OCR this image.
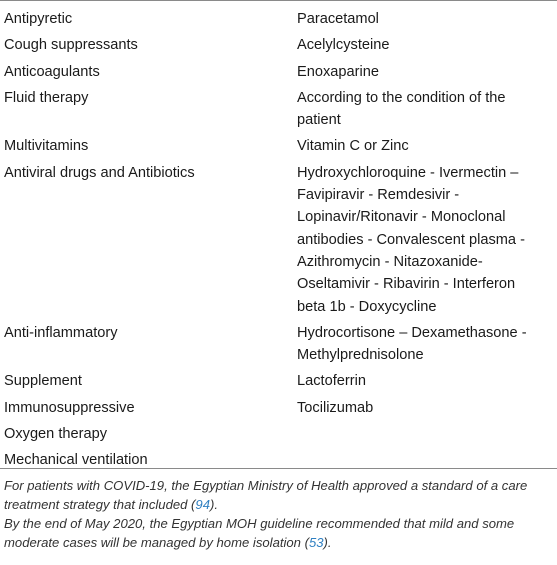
Antipyretic	Paracetamol
Cough suppressants	Acelylcysteine
Anticoagulants	Enoxaparine
Fluid therapy	According to the condition of the
patient
Multivitamins	Vitamin C or Zinc
Antiviral drugs and Antibiotics	Hydroxychloroquine - Ivermectin –
Favipiravir - Remdesivir -
Lopinavir/Ritonavir - Monoclonal
antibodies - Convalescent plasma -
Azithromycin - Nitazoxanide-
Oseltamivir - Ribavirin - Interferon
beta 1b - Doxycycline
Anti-inflammatory	Hydrocortisone – Dexamethasone -
Methylprednisolone
Supplement	Lactoferrin
Immunosuppressive	Tocilizumab
Oxygen therapy
Mechanical ventilation

For patients with COVID-19, the Egyptian Ministry of Health approved a standard of a care treatment strategy that included (94).

By the end of May 2020, the Egyptian MOH guideline recommended that mild and some moderate cases will be managed by home isolation (53).
